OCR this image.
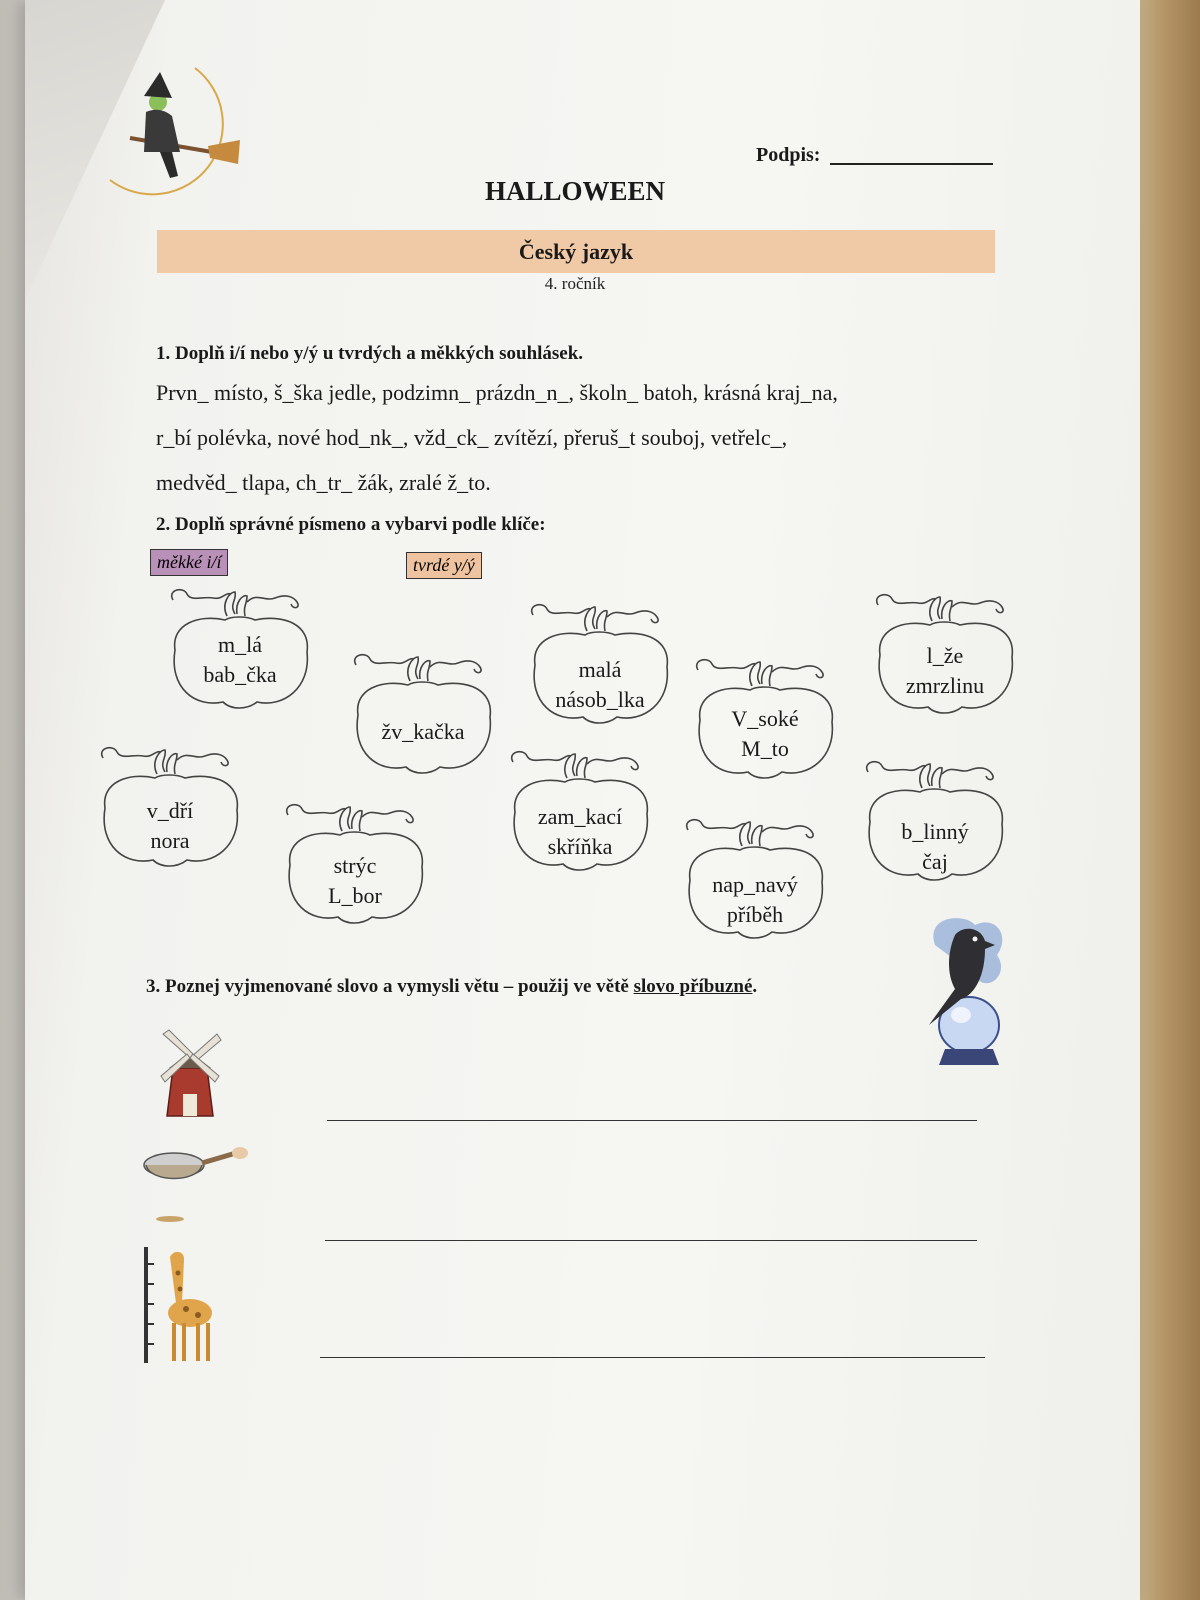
Podpis:
HALLOWEEN
Český jazyk
4. ročník
1. Doplň i/í nebo y/ý u tvrdých a měkkých souhlásek.
Prvn_ místo, š_ška jedle, podzimn_ prázdn_n_, školn_ batoh, krásná kraj_na,
r_bí polévka, nové hod_nk_, vžd_ck_ zvítězí, přeruš_t souboj, vetřelc_,
medvěd_ tlapa, ch_tr_ žák, zralé ž_to.
2. Doplň správné písmeno a vybarvi podle klíče:
měkké i/í	tvrdé y/ý
m_lá
bab_čka
žv_kačka
malá
násob_lka
V_soké
M_to
l_že
zmrzlinu
v_dří
nora
strýc
L_bor
zam_kací
skříňka
nap_navý
příběh
b_linný
čaj
3. Poznej vyjmenované slovo a vymysli větu – použij ve větě slovo příbuzné.
